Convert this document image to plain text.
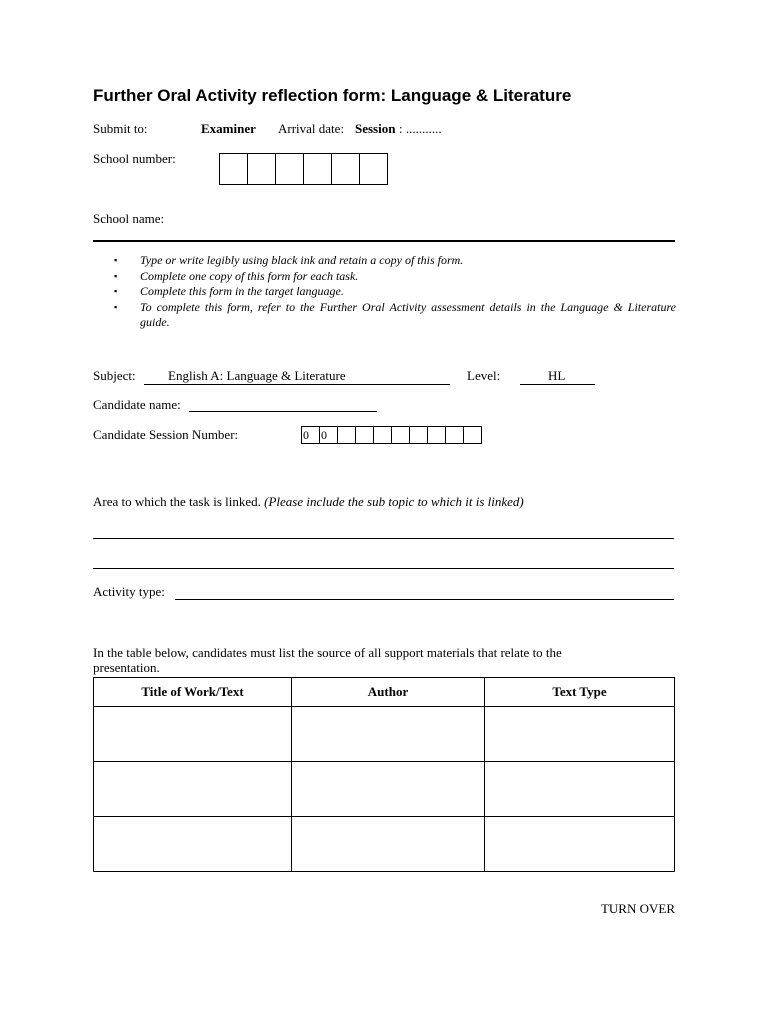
Further Oral Activity reflection form: Language & Literature
Submit to:	Examiner Arrival date: Session : ...........
School number:
School name:
▪ Type or write legibly using black ink and retain a copy of this form.
▪ Complete one copy of this form for each task.
▪ Complete this form in the target language.
▪ To complete this form, refer to the Further Oral Activity assessment details in the Language & Literature guide.
Subject: English A: Language & Literature	Level:	HL
Candidate name:
Candidate Session Number:	0	0
Area to which the task is linked. (Please include the sub topic to which it is linked)
Activity type:
In the table below, candidates must list the source of all support materials that relate to the presentation.
Title of Work/Text	Author	Text Type

TURN OVER
